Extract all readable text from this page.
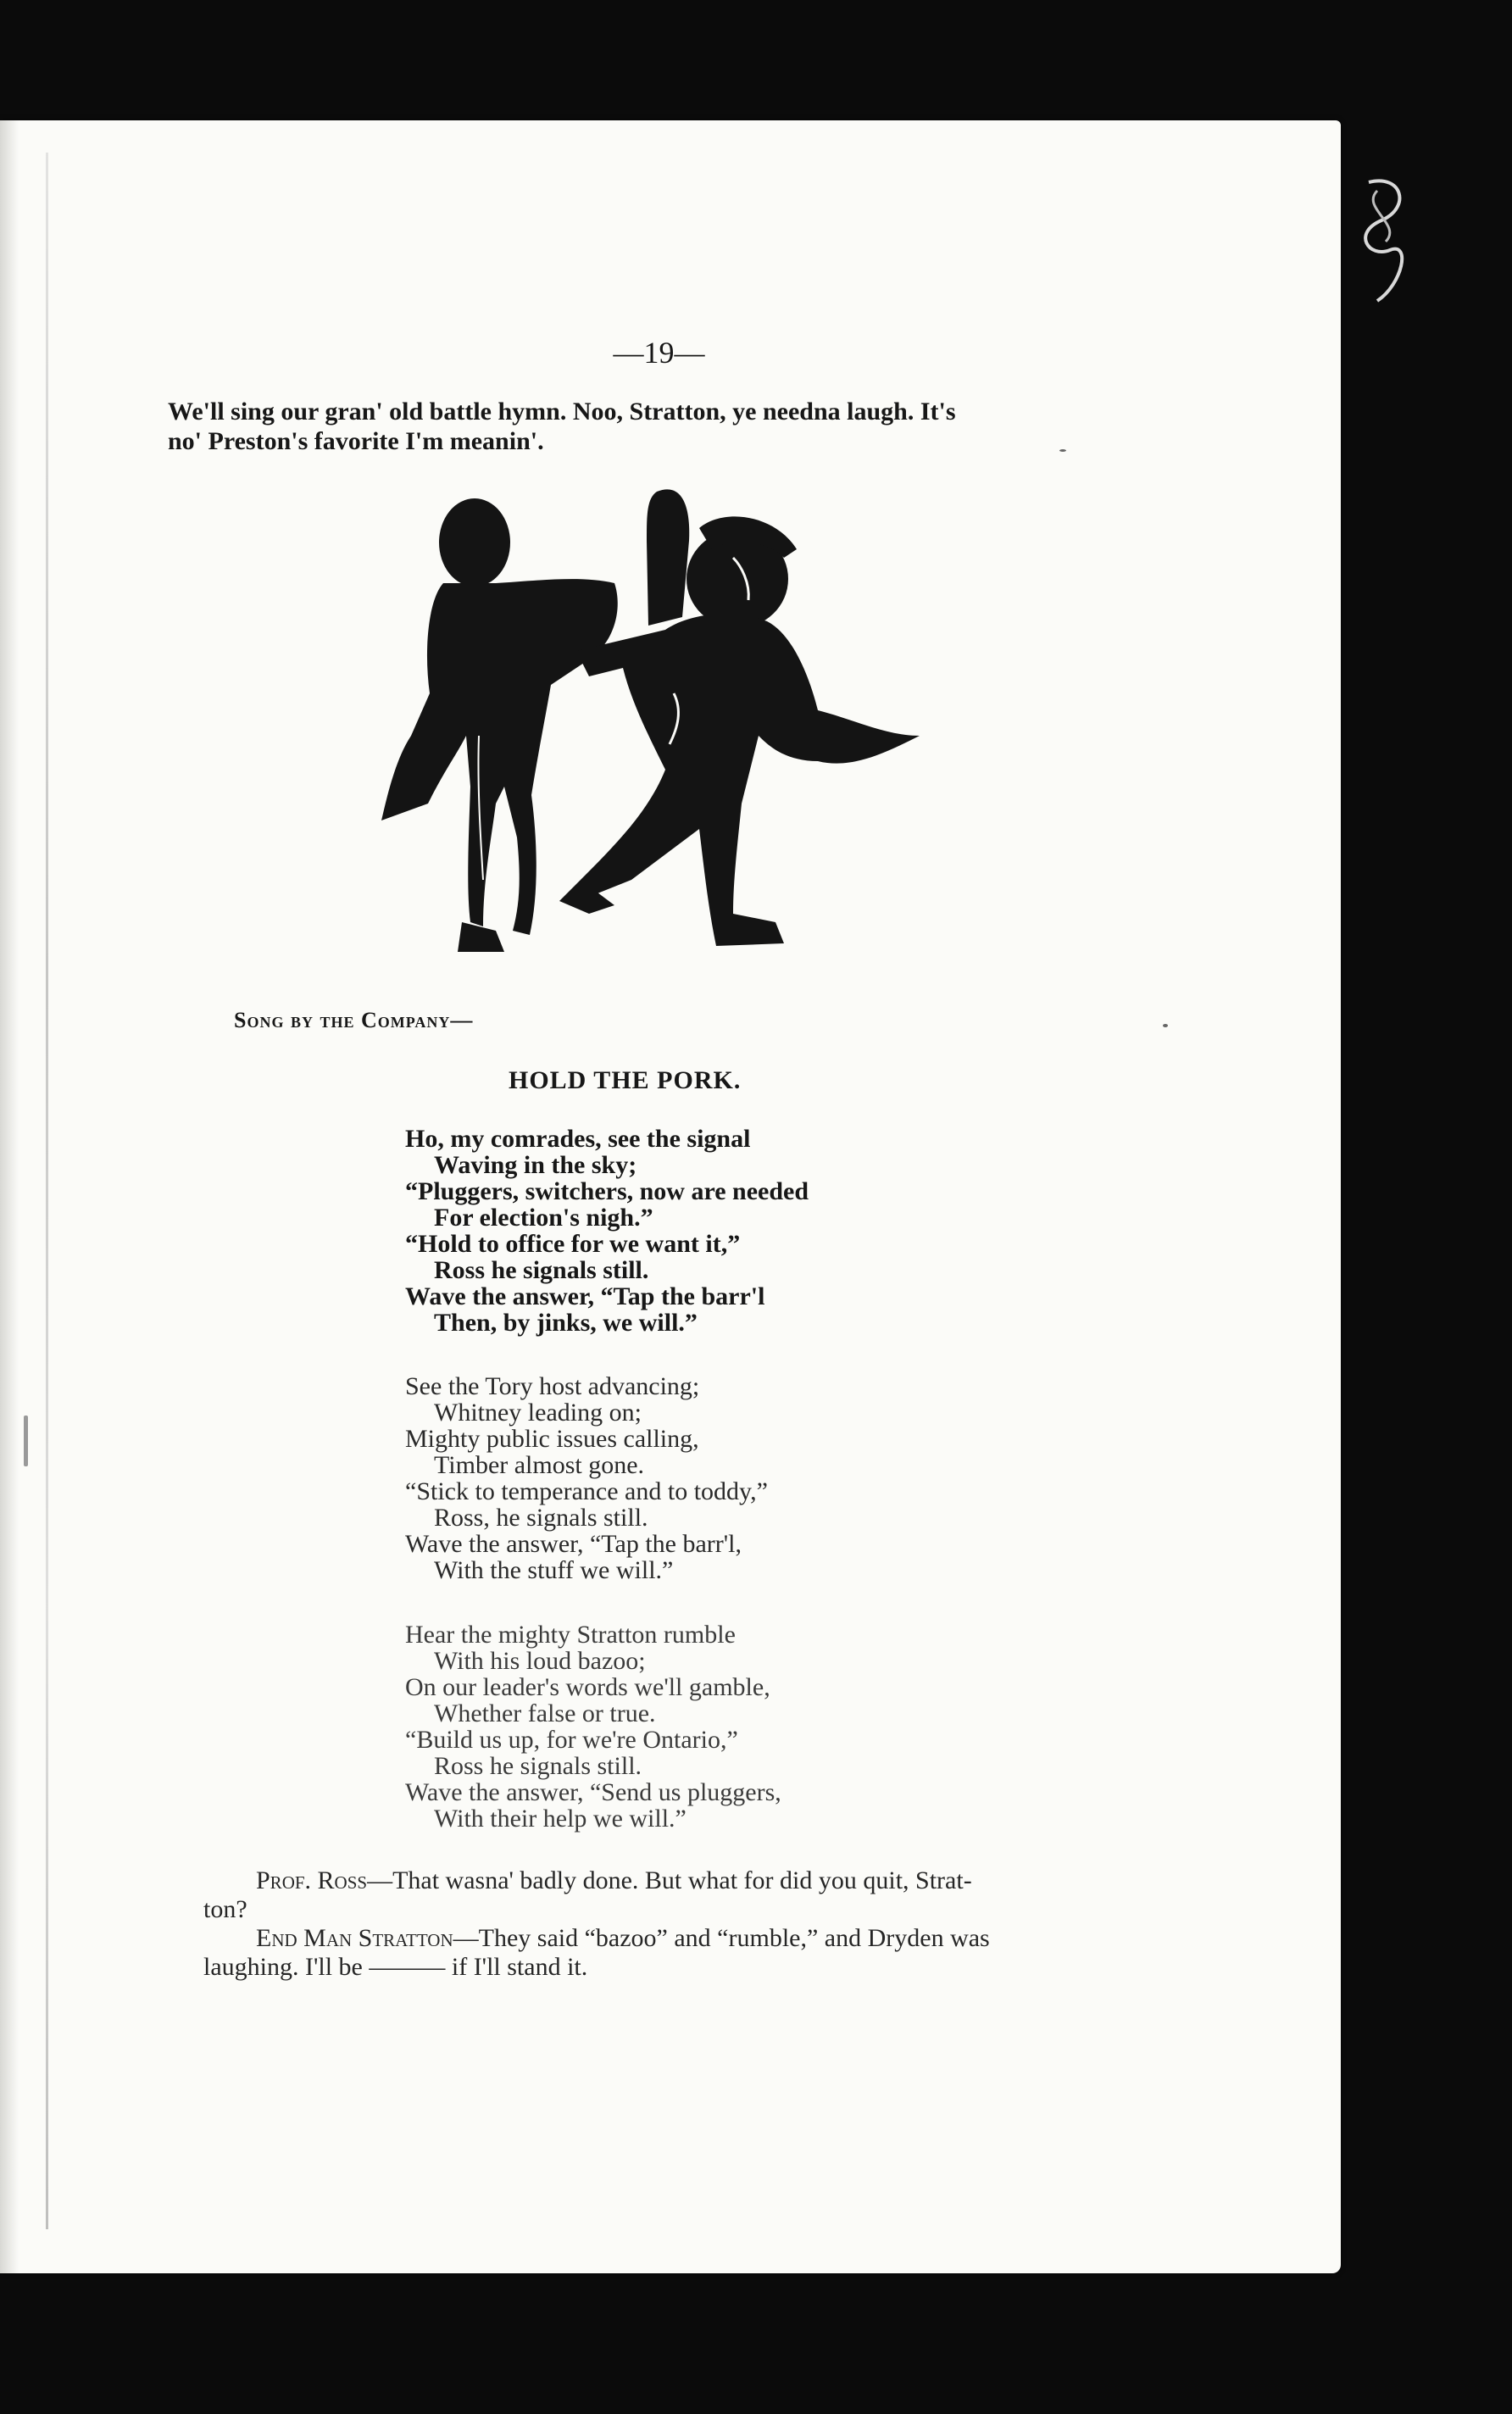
—19—
We'll sing our gran' old battle hymn. Noo, Stratton, ye needna laugh. It's
no' Preston's favorite I'm meanin'.
Song by the Company—
HOLD THE PORK.
Ho, my comrades, see the signal
Waving in the sky;
“Pluggers, switchers, now are needed
For election's nigh.”
“Hold to office for we want it,”
Ross he signals still.
Wave the answer, “Tap the barr'l
Then, by jinks, we will.”
See the Tory host advancing;
Whitney leading on;
Mighty public issues calling,
Timber almost gone.
“Stick to temperance and to toddy,”
Ross, he signals still.
Wave the answer, “Tap the barr'l,
With the stuff we will.”
Hear the mighty Stratton rumble
With his loud bazoo;
On our leader's words we'll gamble,
Whether false or true.
“Build us up, for we're Ontario,”
Ross he signals still.
Wave the answer, “Send us pluggers,
With their help we will.”
Prof. Ross—That wasna' badly done. But what for did you quit, Strat-
ton?
End Man Stratton—They said “bazoo” and “rumble,” and Dryden was
laughing. I'll be ——— if I'll stand it.
